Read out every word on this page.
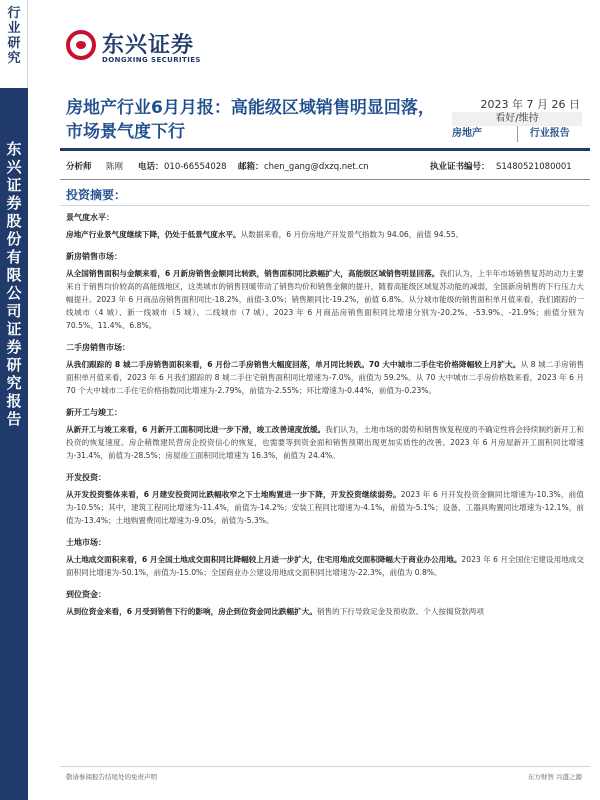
行业研究
东兴证券股份有限公司证券研究报告
东兴证券
DONGXING SECURITIES
房地产行业6月月报：高能级区域销售明显回落，市场景气度下行
2023 年 7 月 26 日
看好/维持
房地产	行业报告
分析师 陈刚 电话： 010-66554028 邮箱： chen_gang@dxzq.net.cn	执业证书编号： S1480521080001
投资摘要：
景气度水平：
房地产行业景气度继续下降，仍处于低景气度水平。从数据来看，6 月份房地产开发景气指数为 94.06，前值 94.55。
新房销售市场：
从全国销售面积与金额来看，6 月新房销售金额同比转跌，销售面积同比跌幅扩大，高能级区域销售明显回落。我们认为，上半年市场销售复苏的动力主要来自于销售均价较高的高能级地区，这类城市的销售回暖带动了销售均价和销售金额的提升，随着高能级区域复苏动能的减弱，全国新房销售的下行压力大幅提升。2023 年 6 月商品房销售面积同比-18.2%，前值-3.0%；销售额同比-19.2%，前值 6.8%。从分城市能级的销售面积单月值来看，我们跟踪的一线城市（4 城）、新一线城市（5 城）、二线城市（7 城），2023 年 6 月商品房销售面积同比增速分别为-20.2%、-53.9%、-21.9%；前值分别为 70.5%、11.4%、6.8%。
二手房销售市场：
从我们跟踪的 8 城二手房销售面积来看，6 月份二手房销售大幅度回落，单月同比转跌。70 大中城市二手住宅价格降幅较上月扩大。从 8 城二手房销售面积单月值来看，2023 年 6 月我们跟踪的 8 城二手住宅销售面积同比增速为-7.0%，前值为 59.2%。从 70 大中城市二手房价格数来看，2023 年 6 月 70 个大中城市二手住宅价格指数同比增速为-2.79%，前值为-2.55%；环比增速为-0.44%，前值为-0.23%。
新开工与竣工：
从新开工与竣工来看，6 月新开工面积同比进一步下滑，竣工改善速度放缓。我们认为，土地市场的弱势和销售恢复程度的不确定性将会持续制约新开工和投资的恢复速度。房企稍微建民营房企投资信心的恢复，也需要等到资金面和销售预期出现更加实质性的改善。2023 年 6 月房屋新开工面积同比增速为-31.4%，前值为-28.5%；房屋竣工面积同比增速为 16.3%，前值为 24.4%。
开发投资：
从开发投资整体来看，6 月建安投资同比跌幅收窄之下土地购置进一步下降，开发投资继续弱势。2023 年 6 月开发投资金额同比增速为-10.3%，前值为-10.5%；其中，建筑工程同比增速为-11.4%，前值为-14.2%；安装工程同比增速为-4.1%，前值为-5.1%；设备、工器具购置同比增速为-12.1%，前值为-13.4%；土地购置费同比增速为-9.0%，前值为-5.3%。
土地市场：
从土地成交面积来看，6 月全国土地成交面积同比降幅较上月进一步扩大，住宅用地成交面积降幅大于商业办公用地。2023 年 6 月全国住宅建设用地成交面积同比增速为-50.1%，前值为-15.0%；全国商业办公建设用地成交面积同比增速为-22.3%，前值为 0.8%。
到位资金：
从到位资金来看，6 月受到销售下行的影响，房企到位资金同比跌幅扩大。销售的下行导致定金及预收款、个人按揭贷款两项
敬请参阅报告结尾处的免责声明	东方财智 兴盛之源
